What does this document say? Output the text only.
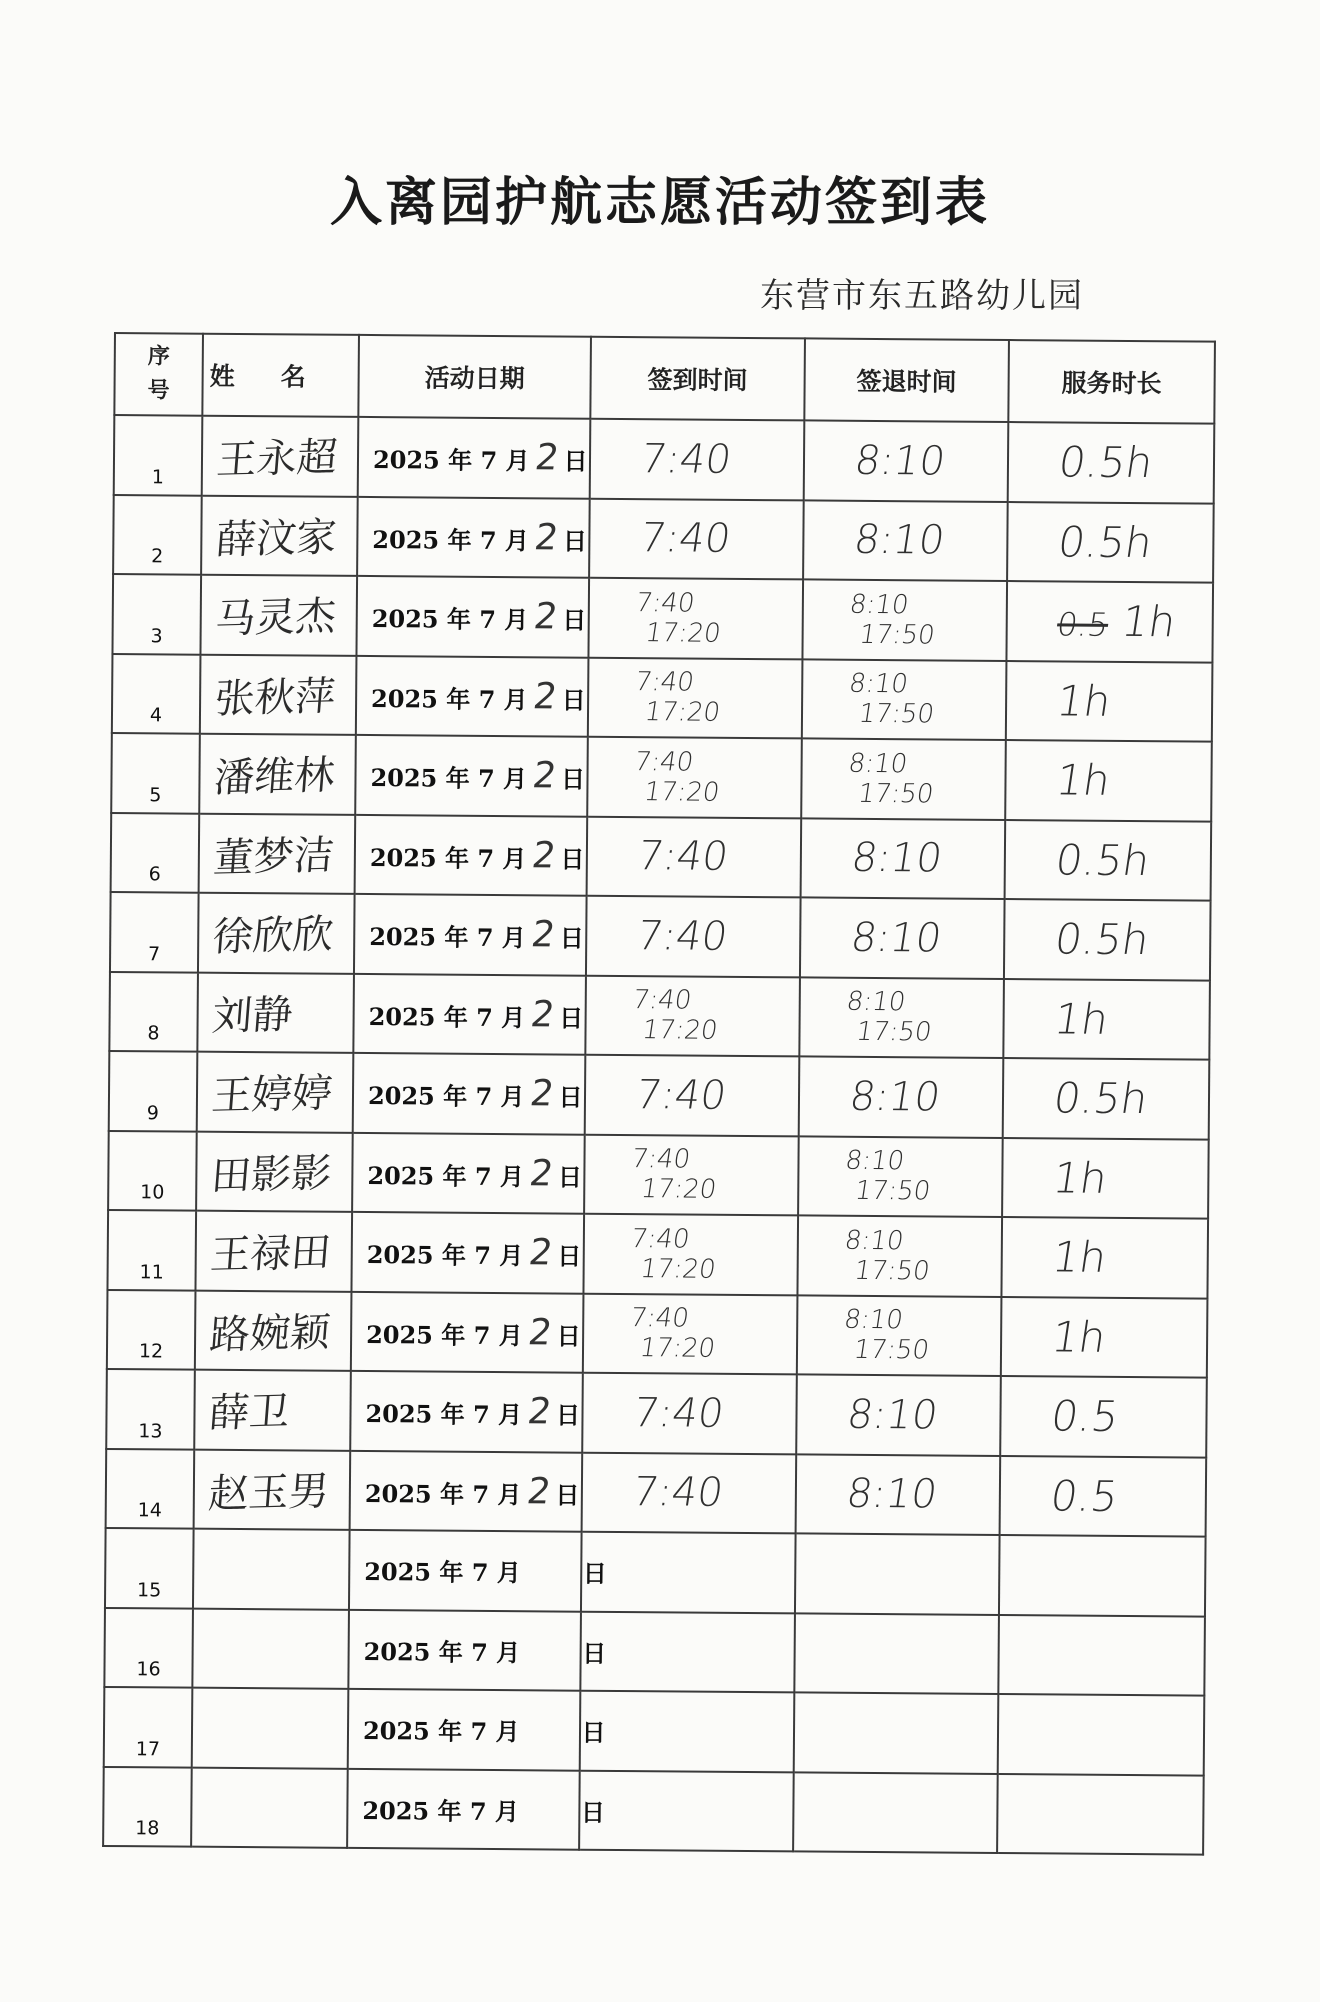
入离园护航志愿活动签到表
东营市东五路幼儿园
序
号	姓名	活动日期	签到时间	签退时间	服务时长

1	王永超	2025 年 7 月2日	7:40	8:10	0.5h

2	薛汶家	2025 年 7 月2日	7:40	8:10	0.5h

3	马灵杰	2025 年 7 月2日	7:40
17:20	8:10
17:50	0.5 1h

4	张秋萍	2025 年 7 月2日	7:40
17:20	8:10
17:50	1h

5	潘维林	2025 年 7 月2日	7:40
17:20	8:10
17:50	1h

6	董梦洁	2025 年 7 月2日	7:40	8:10	0.5h

7	徐欣欣	2025 年 7 月2日	7:40	8:10	0.5h

8	刘静	2025 年 7 月2日	7:40
17:20	8:10
17:50	1h

9	王婷婷	2025 年 7 月2日	7:40	8:10	0.5h

10	田影影	2025 年 7 月2日	7:40
17:20	8:10
17:50	1h

11	王禄田	2025 年 7 月2日	7:40
17:20	8:10
17:50	1h

12	路婉颖	2025 年 7 月2日	7:40
17:20	8:10
17:50	1h

13	薛卫	2025 年 7 月2日	7:40	8:10	0.5

14	赵玉男	2025 年 7 月2日	7:40	8:10	0.5

15		2025 年 7 月 日	

16		2025 年 7 月 日	

17		2025 年 7 月 日	

18		2025 年 7 月 日	
